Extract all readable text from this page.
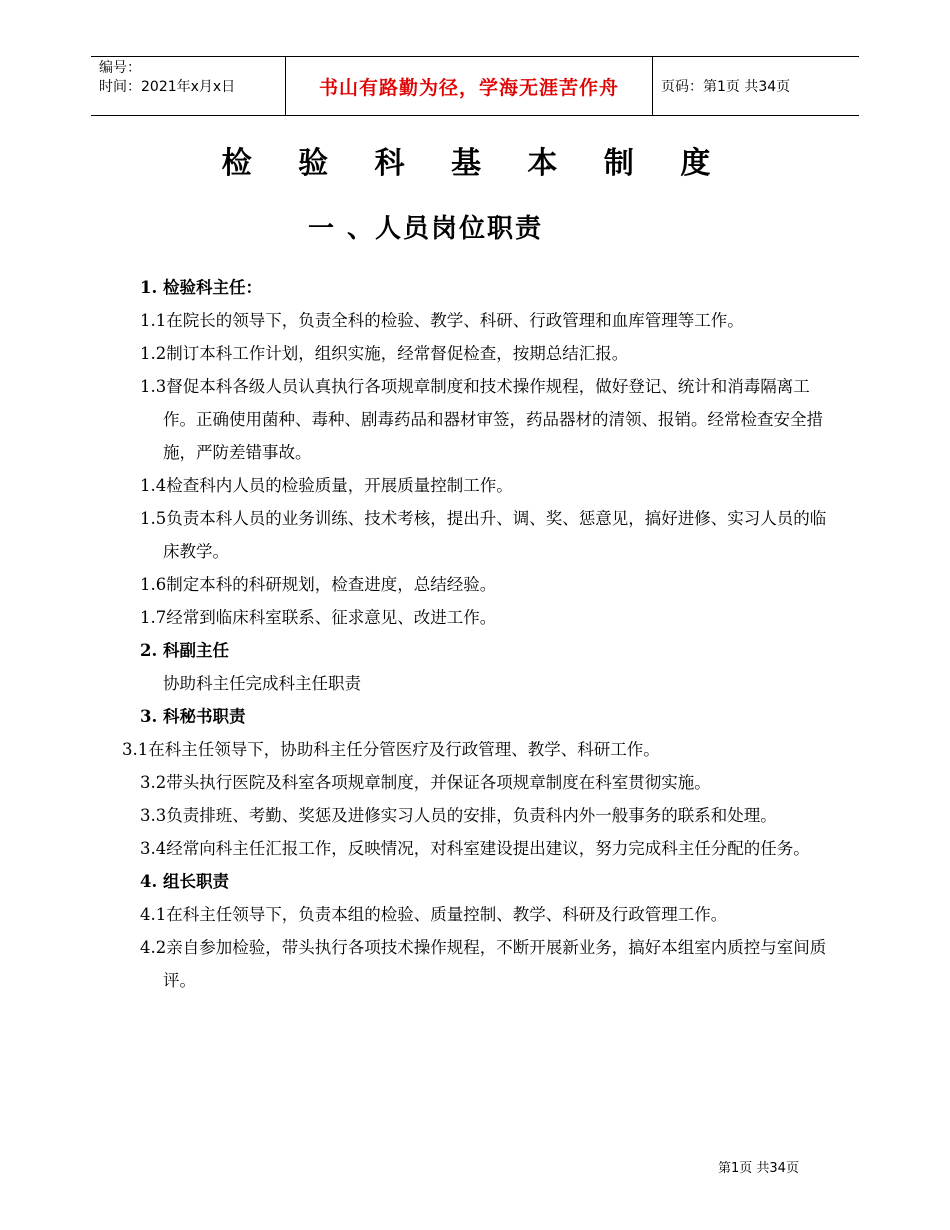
编号：
时间：2021年x月x日	书山有路勤为径，学海无涯苦作舟	页码：第1页 共34页
检 验 科 基 本 制 度
一 、人员岗位职责

1. 检验科主任：

1.1在院长的领导下，负责全科的检验、教学、科研、行政管理和血库管理等工作。

1.2制订本科工作计划，组织实施，经常督促检查，按期总结汇报。

1.3督促本科各级人员认真执行各项规章制度和技术操作规程，做好登记、统计和消毒隔离工作。正确使用菌种、毒种、剧毒药品和器材审签，药品器材的清领、报销。经常检查安全措施，严防差错事故。

1.4检查科内人员的检验质量，开展质量控制工作。

1.5负责本科人员的业务训练、技术考核，提出升、调、奖、惩意见，搞好进修、实习人员的临床教学。

1.6制定本科的科研规划，检查进度，总结经验。

1.7经常到临床科室联系、征求意见、改进工作。

2. 科副主任

协助科主任完成科主任职责

3. 科秘书职责

3.1在科主任领导下，协助科主任分管医疗及行政管理、教学、科研工作。

3.2带头执行医院及科室各项规章制度，并保证各项规章制度在科室贯彻实施。

3.3负责排班、考勤、奖惩及进修实习人员的安排，负责科内外一般事务的联系和处理。

3.4经常向科主任汇报工作，反映情况，对科室建设提出建议，努力完成科主任分配的任务。

4. 组长职责

4.1在科主任领导下，负责本组的检验、质量控制、教学、科研及行政管理工作。

4.2亲自参加检验，带头执行各项技术操作规程，不断开展新业务，搞好本组室内质控与室间质评。

第1页 共34页
